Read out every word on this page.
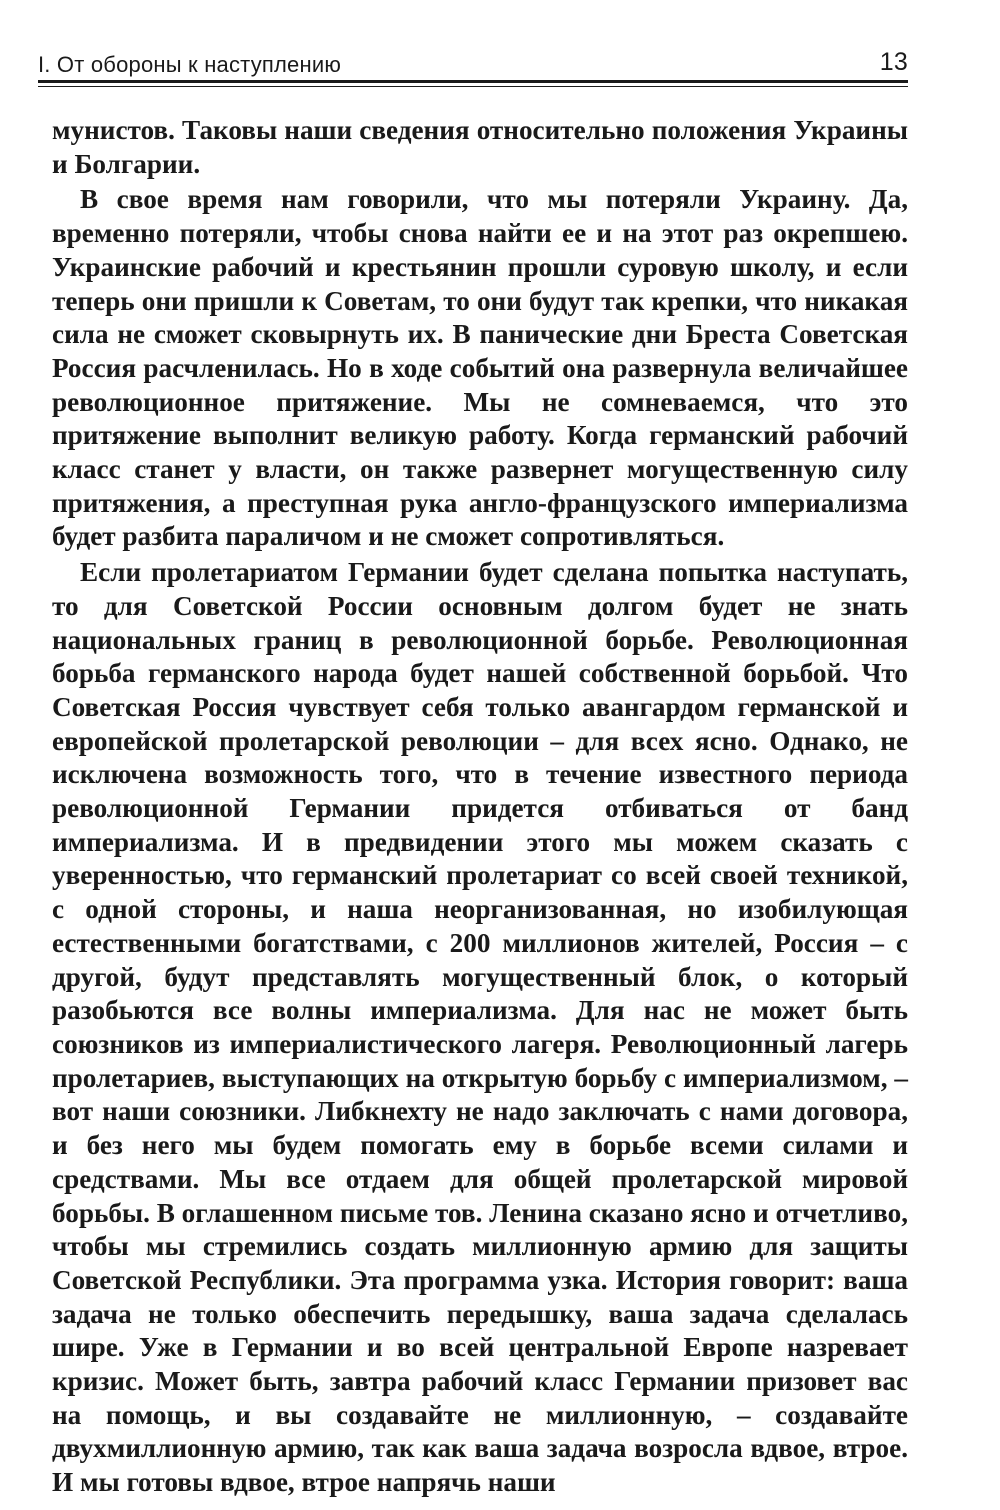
I. От обороны к наступлению	13

мунистов. Таковы наши сведения относительно положения Украины и Болгарии.

В свое время нам говорили, что мы потеряли Украину. Да, временно потеряли, чтобы снова найти ее и на этот раз окрепшею. Украинские рабочий и крестьянин прошли суровую школу, и если теперь они пришли к Советам, то они будут так крепки, что никакая сила не сможет сковырнуть их. В панические дни Бреста Советская Россия расчленилась. Но в ходе событий она развернула величайшее революционное притяжение. Мы не сомневаемся, что это притяжение выполнит великую работу. Когда германский рабочий класс станет у власти, он также развернет могущественную силу притяжения, а преступная рука англо-французского империализма будет разбита параличом и не сможет сопротивляться.

Если пролетариатом Германии будет сделана попытка наступать, то для Советской России основным долгом будет не знать национальных границ в революционной борьбе. Революционная борьба германского народа будет нашей собственной борьбой. Что Советская Россия чувствует себя только авангардом германской и европейской пролетарской революции – для всех ясно. Однако, не исключена возможность того, что в течение известного периода революционной Германии придется отбиваться от банд империализма. И в предвидении этого мы можем сказать с уверенностью, что германский пролетариат со всей своей техникой, с одной стороны, и наша неорганизованная, но изобилующая естественными богатствами, с 200 миллионов жителей, Россия – с другой, будут представлять могущественный блок, о который разобьются все волны империализма. Для нас не может быть союзников из империалистического лагеря. Революционный лагерь пролетариев, выступающих на открытую борьбу с империализмом, – вот наши союзники. Либкнехту не надо заключать с нами договора, и без него мы будем помогать ему в борьбе всеми силами и средствами. Мы все отдаем для общей пролетарской мировой борьбы. В оглашенном письме тов. Ленина сказано ясно и отчетливо, чтобы мы стремились создать миллионную армию для защиты Советской Республики. Эта программа узка. История говорит: ваша задача не только обеспечить передышку, ваша задача сделалась шире. Уже в Германии и во всей центральной Европе назревает кризис. Может быть, завтра рабочий класс Германии призовет вас на помощь, и вы создавайте не миллионную, – создавайте двухмиллионную армию, так как ваша задача возросла вдвое, втрое. И мы готовы вдвое, втрое напрячь наши
